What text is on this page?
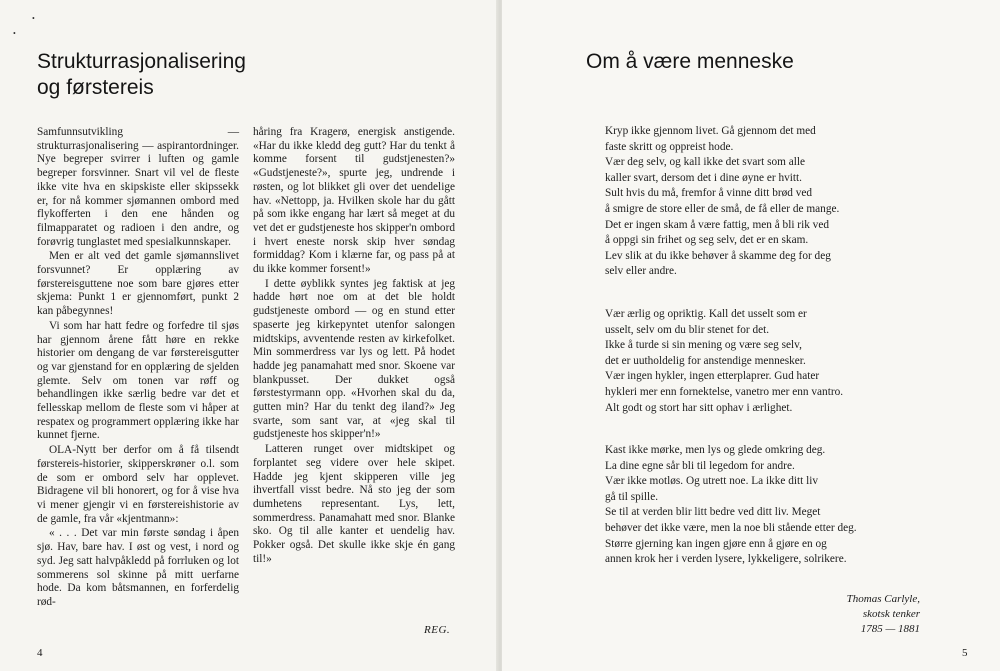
•
•
Strukturrasjonalisering
og førstereis

Samfunnsutvikling — strukturrasjonalisering — aspirantordninger. Nye begreper svirrer i luften og gamle begreper forsvinner. Snart vil vel de fleste ikke vite hva en skipskiste eller skipssekk er, for nå kommer sjømannen ombord med flykofferten i den ene hånden og filmapparatet og radioen i den andre, og forøvrig tunglastet med spesialkunnskaper.

Men er alt ved det gamle sjømannslivet forsvunnet? Er opplæring av førstereisguttene noe som bare gjøres etter skjema: Punkt 1 er gjennomført, punkt 2 kan påbegynnes!

Vi som har hatt fedre og forfedre til sjøs har gjennom årene fått høre en rekke historier om dengang de var førstereisgutter og var gjenstand for en opplæring de sjelden glemte. Selv om tonen var røff og behandlingen ikke særlig bedre var det et fellesskap mellom de fleste som vi håper at respatex og programmert opplæring ikke har kunnet fjerne.

OLA-Nytt ber derfor om å få tilsendt førstereis-historier, skipperskrøner o.l. som de som er ombord selv har opplevet. Bidragene vil bli honorert, og for å vise hva vi mener gjengir vi en førstereishistorie av de gamle, fra vår «kjentmann»:

« . . . Det var min første søndag i åpen sjø. Hav, bare hav. I øst og vest, i nord og syd. Jeg satt halvpåkledd på forrluken og lot sommerens sol skinne på mitt uerfarne hode. Da kom båtsmannen, en forferdelig rød-

håring fra Kragerø, energisk anstigende. «Har du ikke kledd deg gutt? Har du tenkt å komme forsent til gudstjenesten?» «Gudstjeneste?», spurte jeg, undrende i røsten, og lot blikket gli over det uendelige hav. «Nettopp, ja. Hvilken skole har du gått på som ikke engang har lært så meget at du vet det er gudstjeneste hos skipper'n ombord i hvert eneste norsk skip hver søndag formiddag? Kom i klærne far, og pass på at du ikke kommer forsent!»

I dette øyblikk syntes jeg faktisk at jeg hadde hørt noe om at det ble holdt gudstjeneste ombord — og en stund etter spaserte jeg kirkepyntet utenfor salongen midtskips, avventende resten av kirkefolket. Min sommerdress var lys og lett. På hodet hadde jeg panamahatt med snor. Skoene var blankpusset. Der dukket også førstestyrmann opp. «Hvorhen skal du da, gutten min? Har du tenkt deg iland?» Jeg svarte, som sant var, at «jeg skal til gudstjeneste hos skipper'n!»

Latteren runget over midtskipet og forplantet seg videre over hele skipet. Hadde jeg kjent skipperen ville jeg ihvertfall visst bedre. Nå sto jeg der som dumhetens representant. Lys, lett, sommerdress. Panamahatt med snor. Blanke sko. Og til alle kanter et uendelig hav. Pokker også. Det skulle ikke skje én gang til!»

REG.
4
Om å være menneske
Kryp ikke gjennom livet. Gå gjennom det med
faste skritt og oppreist hode.
Vær deg selv, og kall ikke det svart som alle
kaller svart, dersom det i dine øyne er hvitt.
Sult hvis du må, fremfor å vinne ditt brød ved
å smigre de store eller de små, de få eller de mange.
Det er ingen skam å være fattig, men å bli rik ved
å oppgi sin frihet og seg selv, det er en skam.
Lev slik at du ikke behøver å skamme deg for deg
selv eller andre.
Vær ærlig og opriktig. Kall det usselt som er
usselt, selv om du blir stenet for det.
Ikke å turde si sin mening og være seg selv,
det er uutholdelig for anstendige mennesker.
Vær ingen hykler, ingen etterplaprer. Gud hater
hykleri mer enn fornektelse, vanetro mer enn vantro.
Alt godt og stort har sitt ophav i ærlighet.
Kast ikke mørke, men lys og glede omkring deg.
La dine egne sår bli til legedom for andre.
Vær ikke motløs. Og utrett noe. La ikke ditt liv
gå til spille.
Se til at verden blir litt bedre ved ditt liv. Meget
behøver det ikke være, men la noe bli stående etter deg.
Større gjerning kan ingen gjøre enn å gjøre en og
annen krok her i verden lysere, lykkeligere, solrikere.
Thomas Carlyle,
skotsk tenker
1785 — 1881
5
